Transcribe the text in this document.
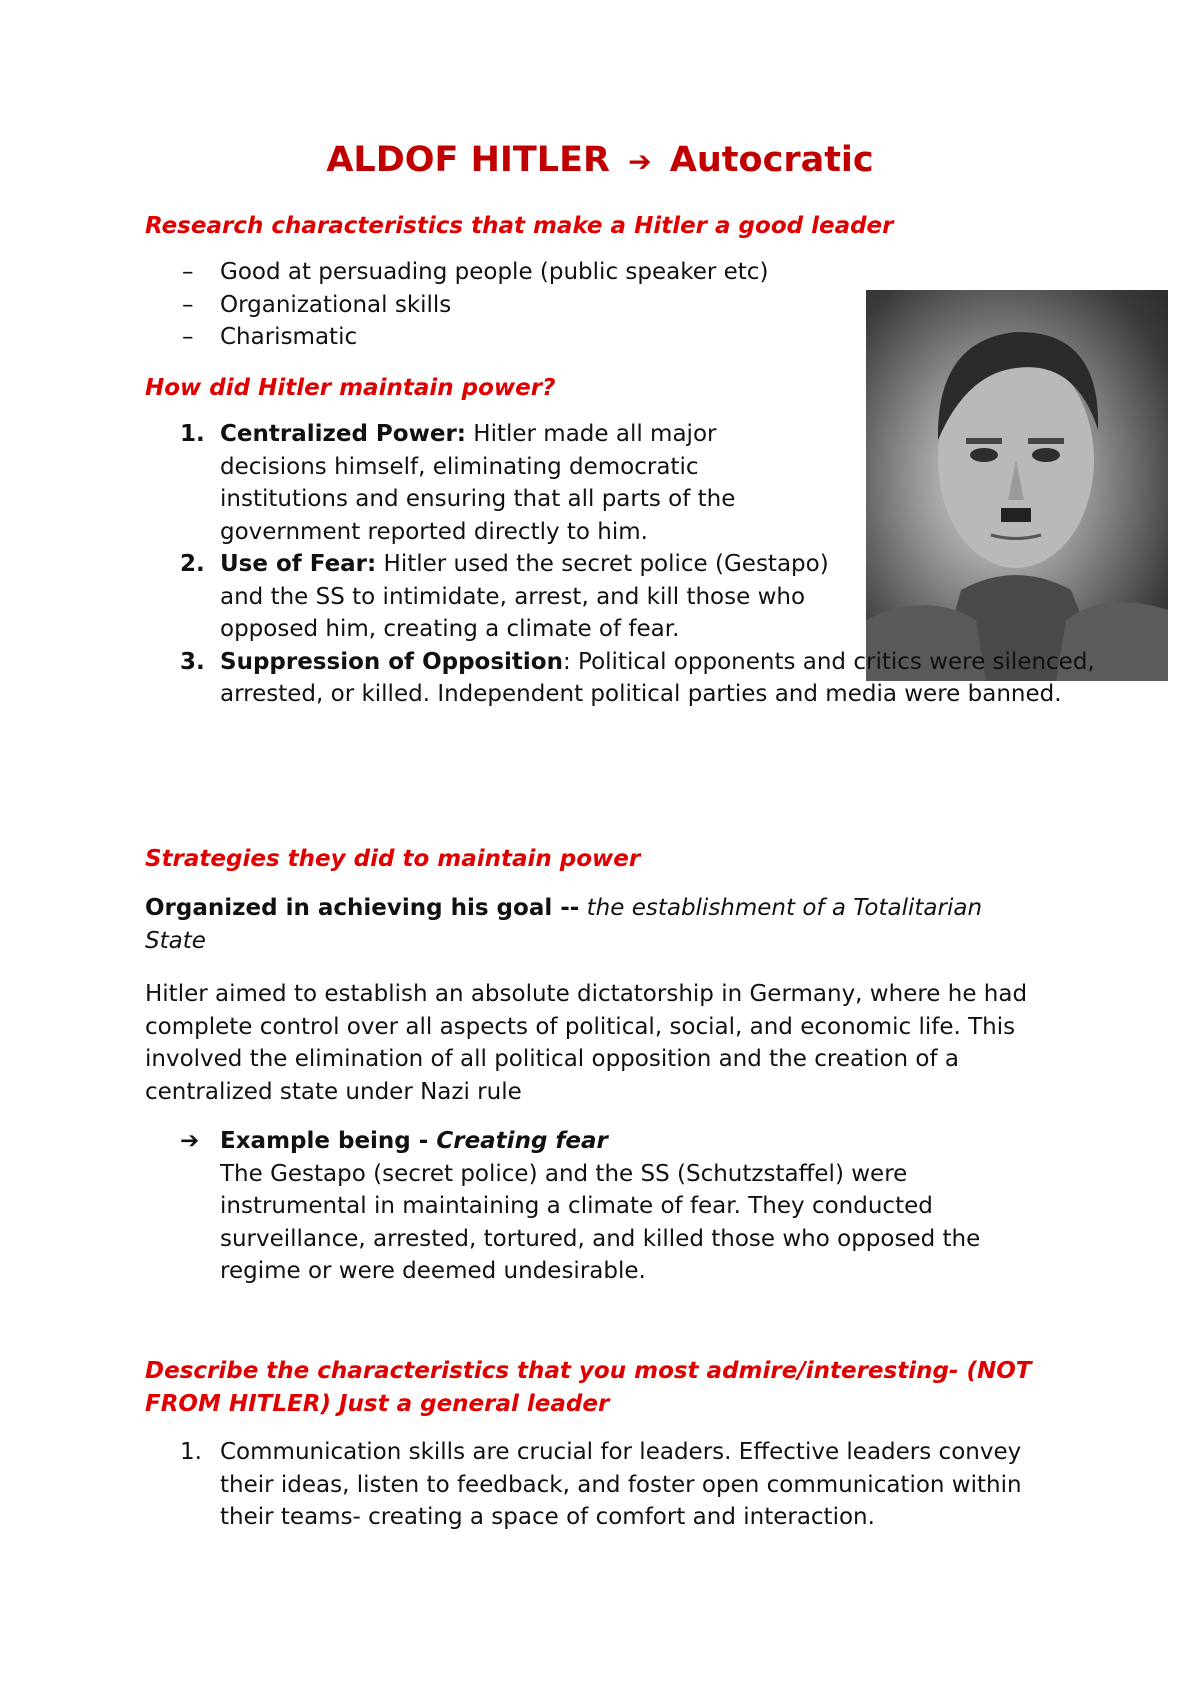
ALDOF HITLER ➔ Autocratic
Research characteristics that make a Hitler a good leader
– Good at persuading people (public speaker etc)
– Organizational skills
– Charismatic
How did Hitler maintain power?
1. Centralized Power: Hitler made all major decisions himself, eliminating democratic institutions and ensuring that all parts of the government reported directly to him.
2. Use of Fear: Hitler used the secret police (Gestapo) and the SS to intimidate, arrest, and kill those who opposed him, creating a climate of fear.
3. Suppression of Opposition: Political opponents and critics were silenced, arrested, or killed. Independent political parties and media were banned.
Strategies they did to maintain power

Organized in achieving his goal -- the establishment of a Totalitarian State

Hitler aimed to establish an absolute dictatorship in Germany, where he had complete control over all aspects of political, social, and economic life. This involved the elimination of all political opposition and the creation of a centralized state under Nazi rule

➔ Example being - Creating fear
The Gestapo (secret police) and the SS (Schutzstaffel) were instrumental in maintaining a climate of fear. They conducted surveillance, arrested, tortured, and killed those who opposed the regime or were deemed undesirable.
Describe the characteristics that you most admire/interesting- (NOT FROM HITLER) Just a general leader
1. Communication skills are crucial for leaders. Effective leaders convey their ideas, listen to feedback, and foster open communication within their teams- creating a space of comfort and interaction.
